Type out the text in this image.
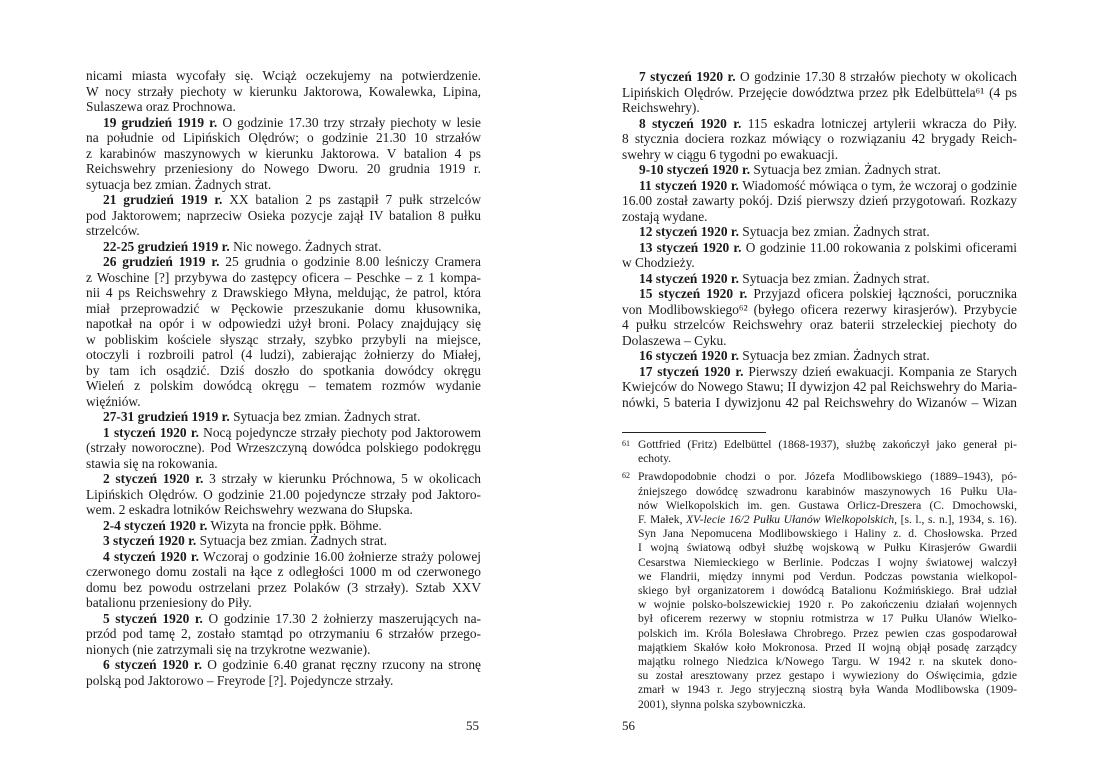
nicami miasta wycofały się. Wciąż oczekujemy na potwierdzenie.

W nocy strzały piechoty w kierunku Jaktorowa, Kowalewka, Lipina,

Sulaszewa oraz Prochnowa.

19 grudzień 1919 r. O godzinie 17.30 trzy strzały piechoty w lesie

na południe od Lipińskich Olędrów; o godzinie 21.30 10 strzałów

z karabinów maszynowych w kierunku Jaktorowa. V batalion 4 ps

Reichswehry przeniesiony do Nowego Dworu. 20 grudnia 1919 r.

sytuacja bez zmian. Żadnych strat.

21 grudzień 1919 r. XX batalion 2 ps zastąpił 7 pułk strzelców

pod Jaktorowem; naprzeciw Osieka pozycje zajął IV batalion 8 pułku

strzelców.

22-25 grudzień 1919 r. Nic nowego. Żadnych strat.

26 grudzień 1919 r. 25 grudnia o godzinie 8.00 leśniczy Cramera

z Woschine [?] przybywa do zastępcy oficera – Peschke – z 1 kompa-

nii 4 ps Reichswehry z Drawskiego Młyna, meldując, że patrol, która

miał przeprowadzić w Pęckowie przeszukanie domu kłusownika,

napotkał na opór i w odpowiedzi użył broni. Polacy znajdujący się

w pobliskim kościele słysząc strzały, szybko przybyli na miejsce,

otoczyli i rozbroili patrol (4 ludzi), zabierając żołnierzy do Miałej,

by tam ich osądzić. Dziś doszło do spotkania dowódcy okręgu

Wieleń z polskim dowódcą okręgu – tematem rozmów wydanie

więźniów.

27-31 grudzień 1919 r. Sytuacja bez zmian. Żadnych strat.

1 styczeń 1920 r. Nocą pojedyncze strzały piechoty pod Jaktorowem

(strzały noworoczne). Pod Wrzeszczyną dowódca polskiego podokręgu

stawia się na rokowania.

2 styczeń 1920 r. 3 strzały w kierunku Próchnowa, 5 w okolicach

Lipińskich Olędrów. O godzinie 21.00 pojedyncze strzały pod Jaktoro-

wem. 2 eskadra lotników Reichswehry wezwana do Słupska.

2-4 styczeń 1920 r. Wizyta na froncie ppłk. Böhme.

3 styczeń 1920 r. Sytuacja bez zmian. Żadnych strat.

4 styczeń 1920 r. Wczoraj o godzinie 16.00 żołnierze straży polowej

czerwonego domu zostali na łące z odległości 1000 m od czerwonego

domu bez powodu ostrzelani przez Polaków (3 strzały). Sztab XXV

batalionu przeniesiony do Piły.

5 styczeń 1920 r. O godzinie 17.30 2 żołnierzy maszerujących na-

przód pod tamę 2, zostało stamtąd po otrzymaniu 6 strzałów przego-

nionych (nie zatrzymali się na trzykrotne wezwanie).

6 styczeń 1920 r. O godzinie 6.40 granat ręczny rzucony na stronę

polską pod Jaktorowo – Freyrode [?]. Pojedyncze strzały.

55

7 styczeń 1920 r. O godzinie 17.30 8 strzałów piechoty w okolicach

Lipińskich Olędrów. Przejęcie dowództwa przez płk Edelbüttela⁶¹ (4 ps

Reichswehry).

8 styczeń 1920 r. 115 eskadra lotniczej artylerii wkracza do Piły.

8 stycznia dociera rozkaz mówiący o rozwiązaniu 42 brygady Reich-

swehry w ciągu 6 tygodni po ewakuacji.

9-10 styczeń 1920 r. Sytuacja bez zmian. Żadnych strat.

11 styczeń 1920 r. Wiadomość mówiąca o tym, że wczoraj o godzinie

16.00 został zawarty pokój. Dziś pierwszy dzień przygotowań. Rozkazy

zostają wydane.

12 styczeń 1920 r. Sytuacja bez zmian. Żadnych strat.

13 styczeń 1920 r. O godzinie 11.00 rokowania z polskimi oficerami

w Chodzieży.

14 styczeń 1920 r. Sytuacja bez zmian. Żadnych strat.

15 styczeń 1920 r. Przyjazd oficera polskiej łączności, porucznika

von Modlibowskiego⁶² (byłego oficera rezerwy kirasjerów). Przybycie

4 pułku strzelców Reichswehry oraz baterii strzeleckiej piechoty do

Dolaszewa – Cyku.

16 styczeń 1920 r. Sytuacja bez zmian. Żadnych strat.

17 styczeń 1920 r. Pierwszy dzień ewakuacji. Kompania ze Starych

Kwiejców do Nowego Stawu; II dywizjon 42 pal Reichswehry do Maria-

nówki, 5 bateria I dywizjonu 42 pal Reichswehry do Wizanów – Wizan

61 Gottfried (Fritz) Edelbüttel (1868-1937), służbę zakończył jako generał pi-

echoty.

62 Prawdopodobnie chodzi o por. Józefa Modlibowskiego (1889–1943), pó-

źniejszego dowódcę szwadronu karabinów maszynowych 16 Pułku Uła-

nów Wielkopolskich im. gen. Gustawa Orlicz-Dreszera (C. Dmochowski,

F. Małek, XV-lecie 16/2 Pułku Ułanów Wielkopolskich, [s. l., s. n.], 1934, s. 16).

Syn Jana Nepomucena Modlibowskiego i Haliny z. d. Chosłowska. Przed

I wojną światową odbył służbę wojskową w Pułku Kirasjerów Gwardii

Cesarstwa Niemieckiego w Berlinie. Podczas I wojny światowej walczył

we Flandrii, między innymi pod Verdun. Podczas powstania wielkopol-

skiego był organizatorem i dowódcą Batalionu Koźmińskiego. Brał udział

w wojnie polsko-bolszewickiej 1920 r. Po zakończeniu działań wojennych

był oficerem rezerwy w stopniu rotmistrza w 17 Pułku Ułanów Wielko-

polskich im. Króla Bolesława Chrobrego. Przez pewien czas gospodarował

majątkiem Skałów koło Mokronosa. Przed II wojną objął posadę zarządcy

majątku rolnego Niedzica k/Nowego Targu. W 1942 r. na skutek dono-

su został aresztowany przez gestapo i wywieziony do Oświęcimia, gdzie

zmarł w 1943 r. Jego stryjeczną siostrą była Wanda Modlibowska (1909-

2001), słynna polska szybowniczka.

56
